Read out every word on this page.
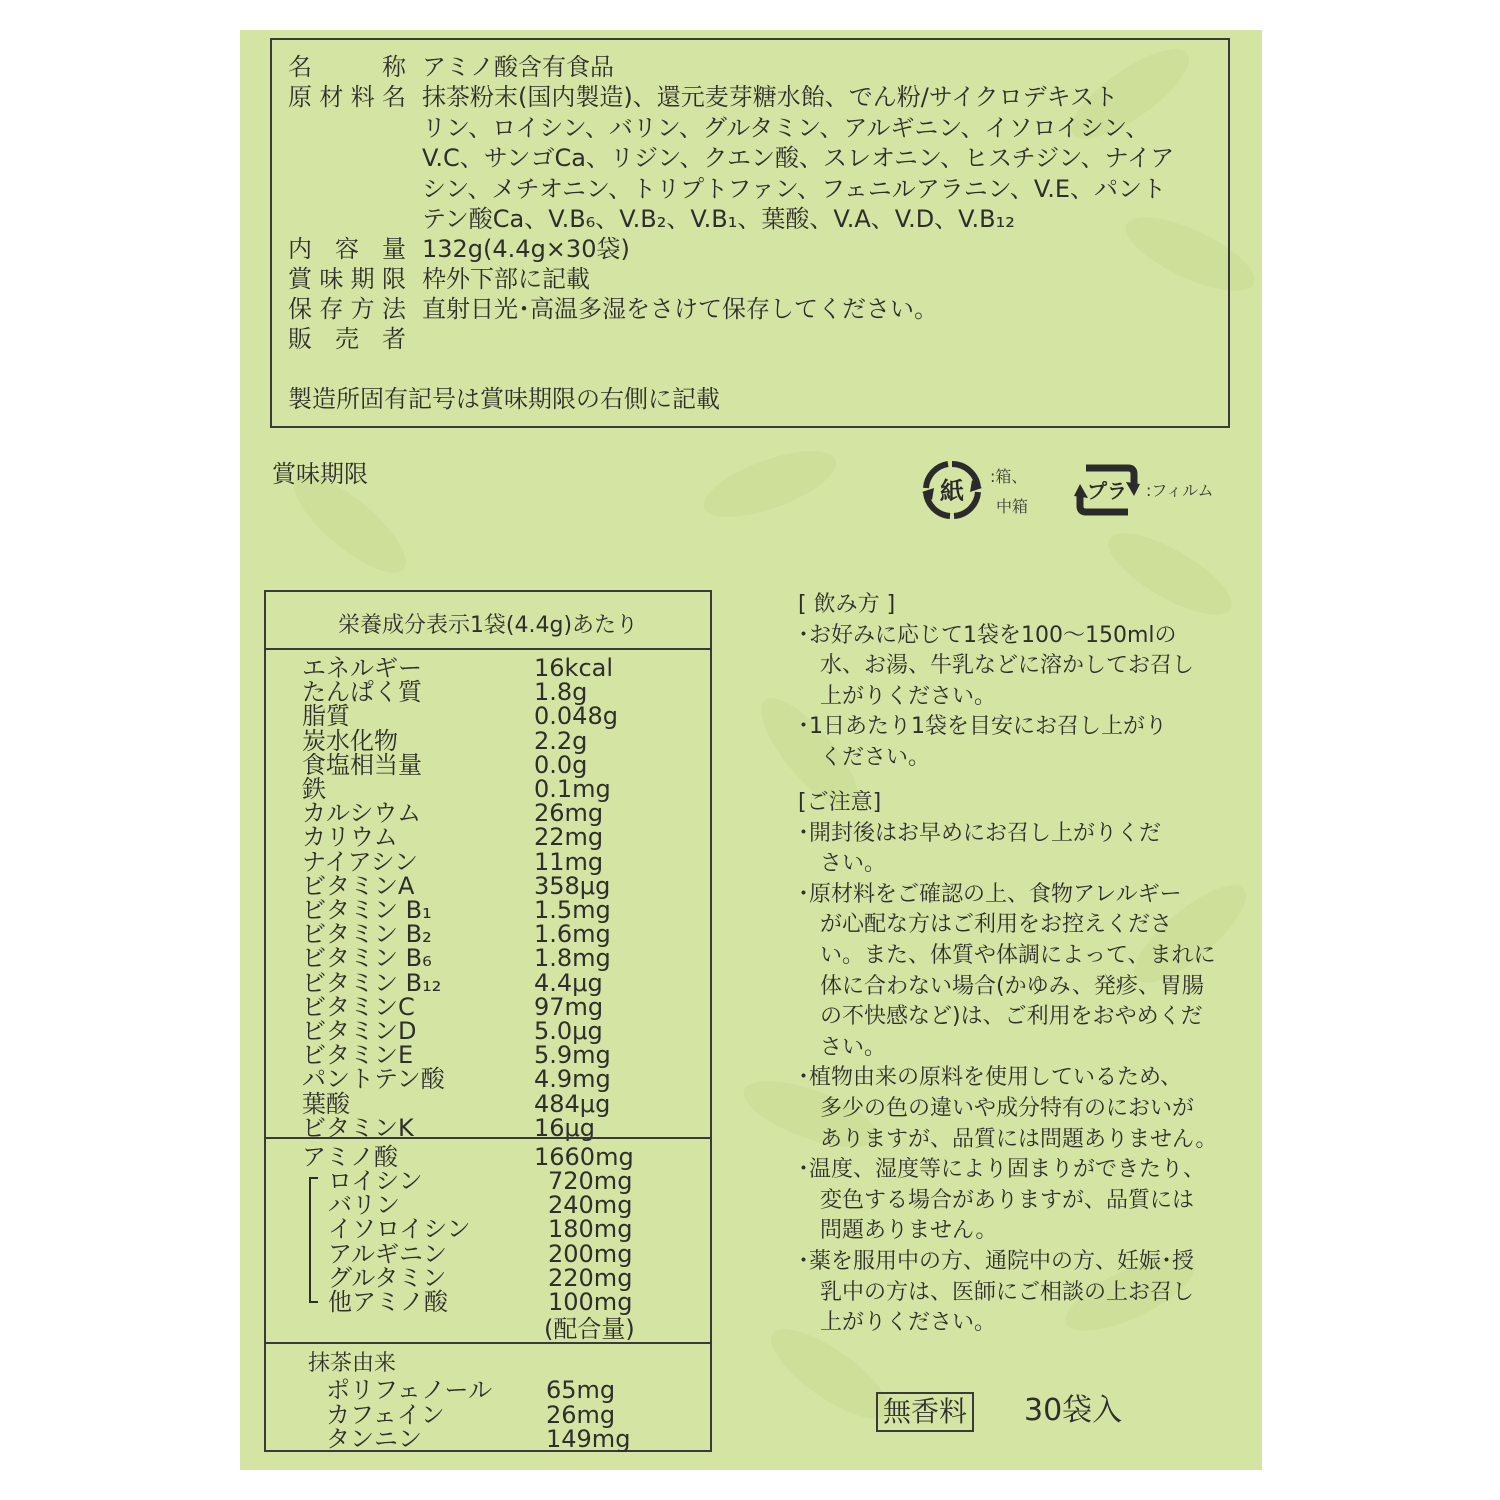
名　　称 アミノ酸含有食品
原材料名 抹茶粉末(国内製造)、還元麦芽糖水飴、でん粉/サイクロデキスト
リン、ロイシン、バリン、グルタミン、アルギニン、イソロイシン、
V.C、サンゴCa、リジン、クエン酸、スレオニン、ヒスチジン、ナイア
シン、メチオニン、トリプトファン、フェニルアラニン、V.E、パント
テン酸Ca、V.B₆、V.B₂、V.B₁、葉酸、V.A、V.D、V.B₁₂
内 容 量 132g(4.4g×30袋)
賞味期限 枠外下部に記載
保存方法 直射日光･高温多湿をさけて保存してください。
販 売 者
製造所固有記号は賞味期限の右側に記載
賞味期限
紙
:箱、
中箱
プラ :フィルム
栄養成分表示1袋(4.4g)あたり
エネルギー	16kcal
たんぱく質	1.8g
脂質	0.048g
炭水化物	2.2g
食塩相当量	0.0g
鉄	0.1mg
カルシウム	26mg
カリウム	22mg
ナイアシン	11mg
ビタミンA	358μg
ビタミン B₁	1.5mg
ビタミン B₂	1.6mg
ビタミン B₆	1.8mg
ビタミン B₁₂	4.4μg
ビタミンC	97mg
ビタミンD	5.0μg
ビタミンE	5.9mg
パントテン酸	4.9mg
葉酸	484μg
ビタミンK	16μg
アミノ酸	1660mg
ロイシン	720mg
バリン	240mg
イソロイシン	180mg
アルギニン	200mg
グルタミン	220mg
他アミノ酸	100mg
(配合量)
抹茶由来
ポリフェノール 65mg
カフェイン	26mg
タンニン	149mg
[ 飲み方 ]
･お好みに応じて1袋を100～150mlの
　水、お湯、牛乳などに溶かしてお召し
　上がりください。
･1日あたり1袋を目安にお召し上がり
　ください。
[ご注意]
･開封後はお早めにお召し上がりくだ
　さい。
･原材料をご確認の上、食物アレルギー
　が心配な方はご利用をお控えくださ
　い。また、体質や体調によって、まれに
　体に合わない場合(かゆみ、発疹、胃腸
　の不快感など)は、ご利用をおやめくだ
　さい。
･植物由来の原料を使用しているため、
　多少の色の違いや成分特有のにおいが
　ありますが、品質には問題ありません。
･温度、湿度等により固まりができたり、
　変色する場合がありますが、品質には
　問題ありません。
･薬を服用中の方、通院中の方、妊娠･授
　乳中の方は、医師にご相談の上お召し
　上がりください。
無香料 30袋入
